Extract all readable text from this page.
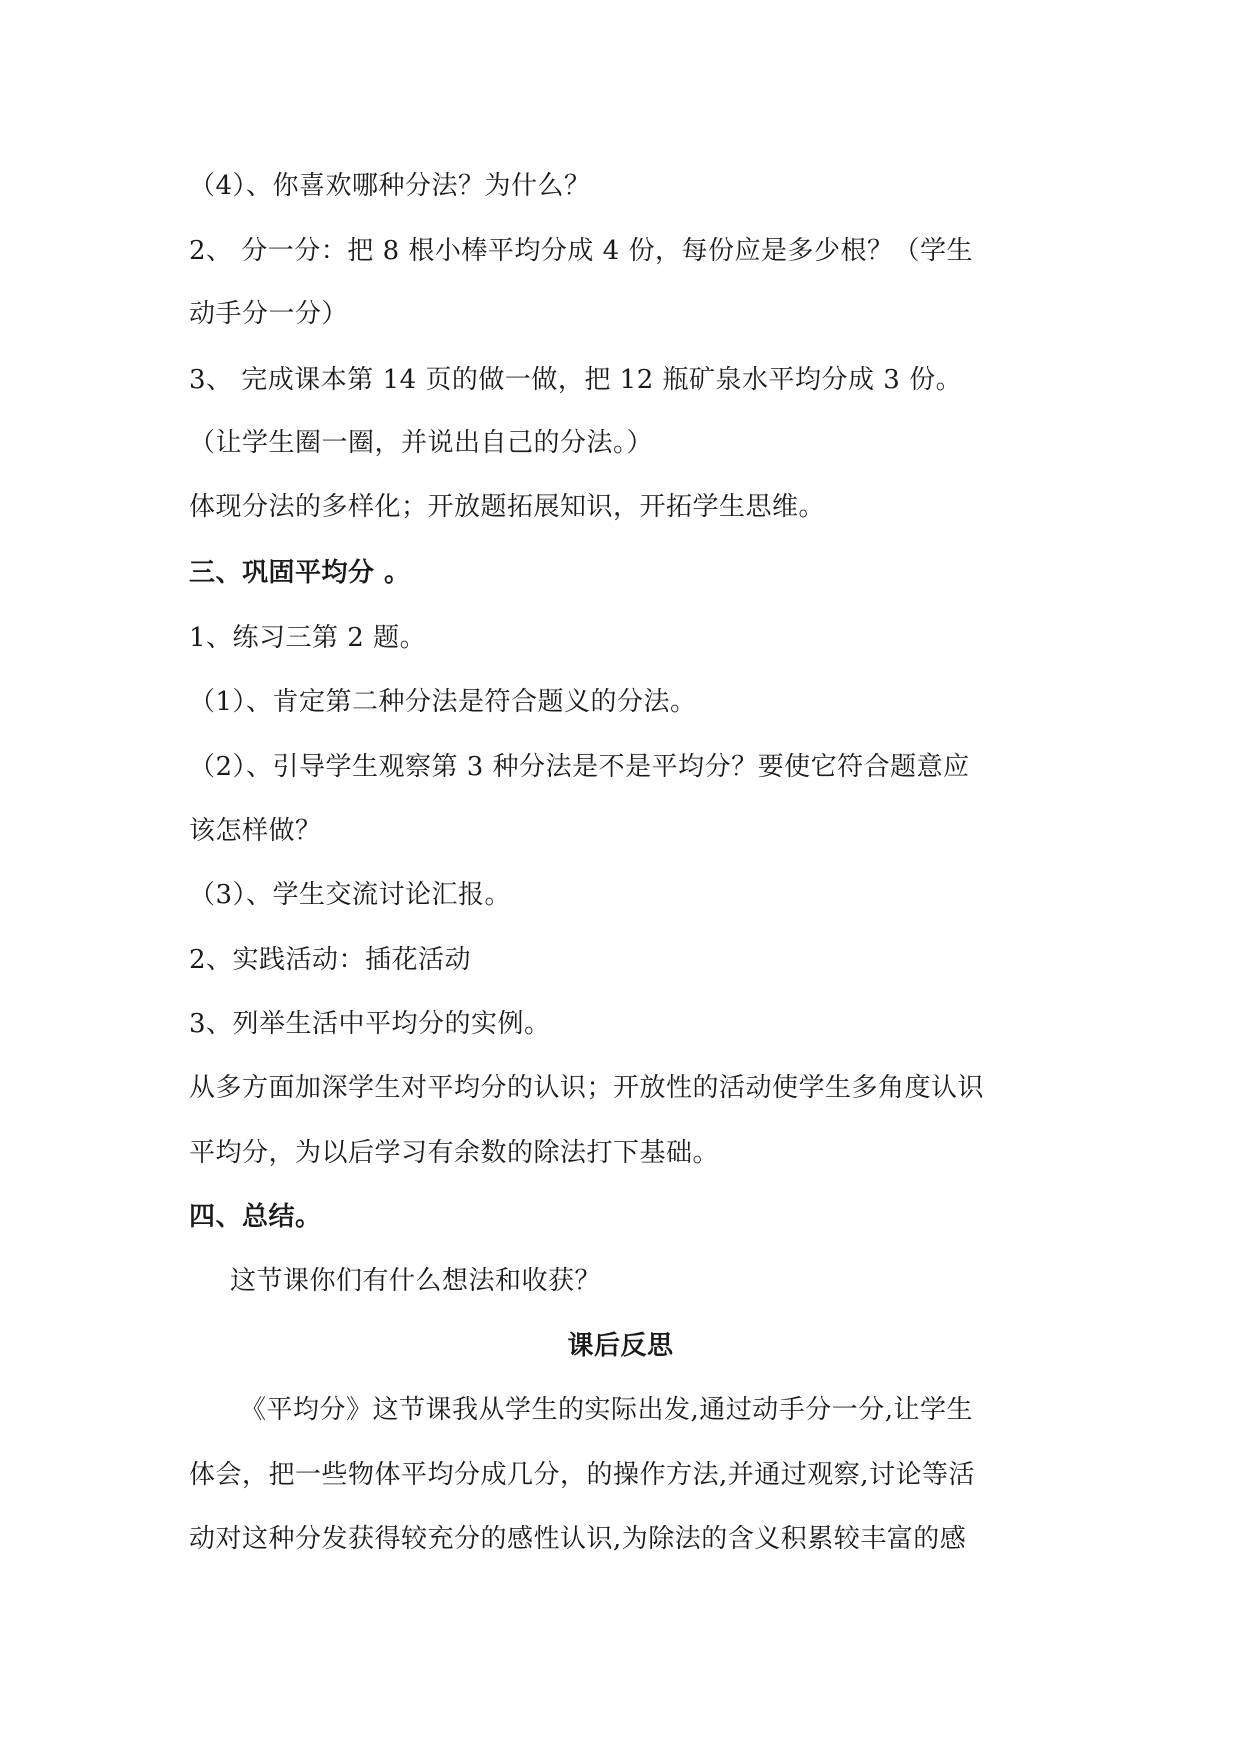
（4）、你喜欢哪种分法？为什么？
2、 分一分：把 8 根小棒平均分成 4 份，每份应是多少根？（学生
动手分一分）
3、 完成课本第 14 页的做一做，把 12 瓶矿泉水平均分成 3 份。
（让学生圈一圈，并说出自己的分法。）
体现分法的多样化；开放题拓展知识，开拓学生思维。
三、巩固平均分 。
1、练习三第 2 题。
（1）、肯定第二种分法是符合题义的分法。
（2）、引导学生观察第 3 种分法是不是平均分？要使它符合题意应
该怎样做？
（3）、学生交流讨论汇报。
2、实践活动：插花活动
3、列举生活中平均分的实例。
从多方面加深学生对平均分的认识；开放性的活动使学生多角度认识
平均分，为以后学习有余数的除法打下基础。
四、总结。
这节课你们有什么想法和收获？
课后反思
《平均分》这节课我从学生的实际出发,通过动手分一分,让学生
体会，把一些物体平均分成几分，的操作方法,并通过观察,讨论等活
动对这种分发获得较充分的感性认识,为除法的含义积累较丰富的感
